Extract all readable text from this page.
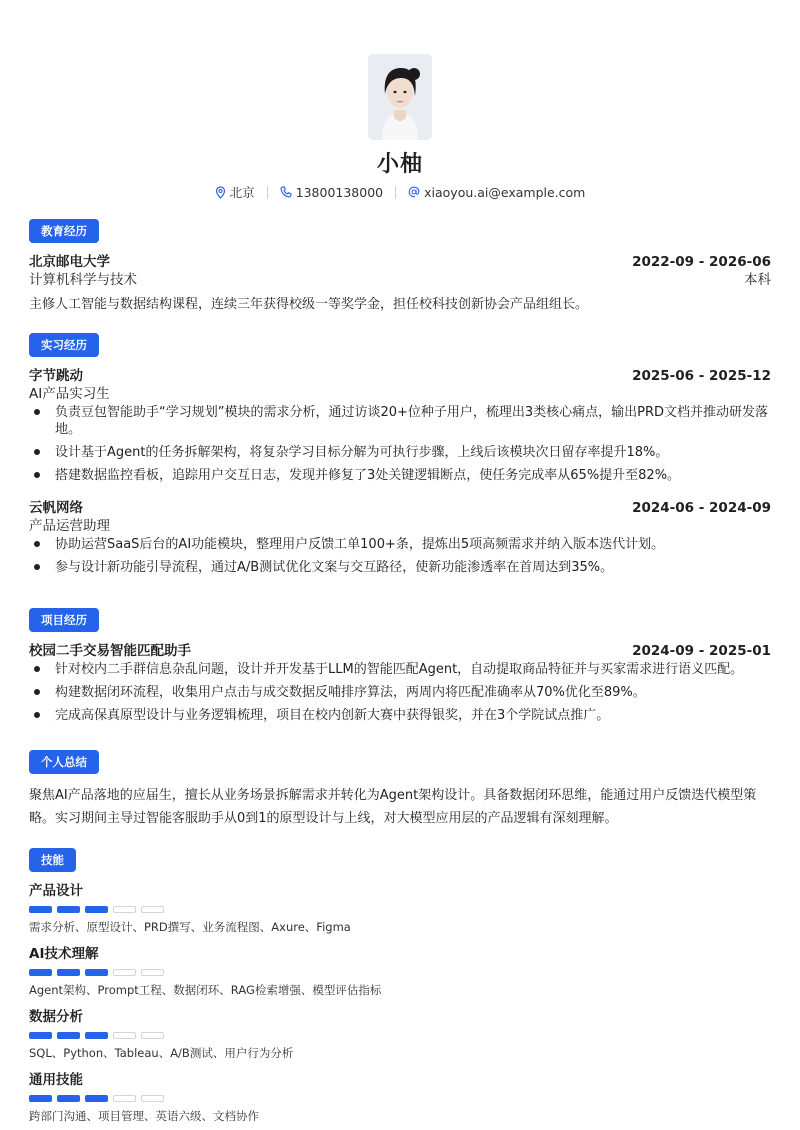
小柚
北京	13800138000	xiaoyou.ai@example.com
教育经历
北京邮电大学	2022-09 - 2026-06
计算机科学与技术	本科
主修人工智能与数据结构课程，连续三年获得校级一等奖学金，担任校科技创新协会产品组组长。
实习经历
字节跳动	2025-06 - 2025-12
AI产品实习生
负责豆包智能助手“学习规划”模块的需求分析，通过访谈20+位种子用户，梳理出3类核心痛点，输出PRD文档并推动研发落地。
设计基于Agent的任务拆解架构，将复杂学习目标分解为可执行步骤，上线后该模块次日留存率提升18%。
搭建数据监控看板，追踪用户交互日志，发现并修复了3处关键逻辑断点，使任务完成率从65%提升至82%。
云帆网络	2024-06 - 2024-09
产品运营助理
协助运营SaaS后台的AI功能模块，整理用户反馈工单100+条，提炼出5项高频需求并纳入版本迭代计划。
参与设计新功能引导流程，通过A/B测试优化文案与交互路径，使新功能渗透率在首周达到35%。
项目经历
校园二手交易智能匹配助手	2024-09 - 2025-01
针对校内二手群信息杂乱问题，设计并开发基于LLM的智能匹配Agent，自动提取商品特征并与买家需求进行语义匹配。
构建数据闭环流程，收集用户点击与成交数据反哺排序算法，两周内将匹配准确率从70%优化至89%。
完成高保真原型设计与业务逻辑梳理，项目在校内创新大赛中获得银奖，并在3个学院试点推广。
个人总结
聚焦AI产品落地的应届生，擅长从业务场景拆解需求并转化为Agent架构设计。具备数据闭环思维，能通过用户反馈迭代模型策
略。实习期间主导过智能客服助手从0到1的原型设计与上线，对大模型应用层的产品逻辑有深刻理解。
技能
产品设计
需求分析、原型设计、PRD撰写、业务流程图、Axure、Figma
AI技术理解
Agent架构、Prompt工程、数据闭环、RAG检索增强、模型评估指标
数据分析
SQL、Python、Tableau、A/B测试、用户行为分析
通用技能
跨部门沟通、项目管理、英语六级、文档协作
